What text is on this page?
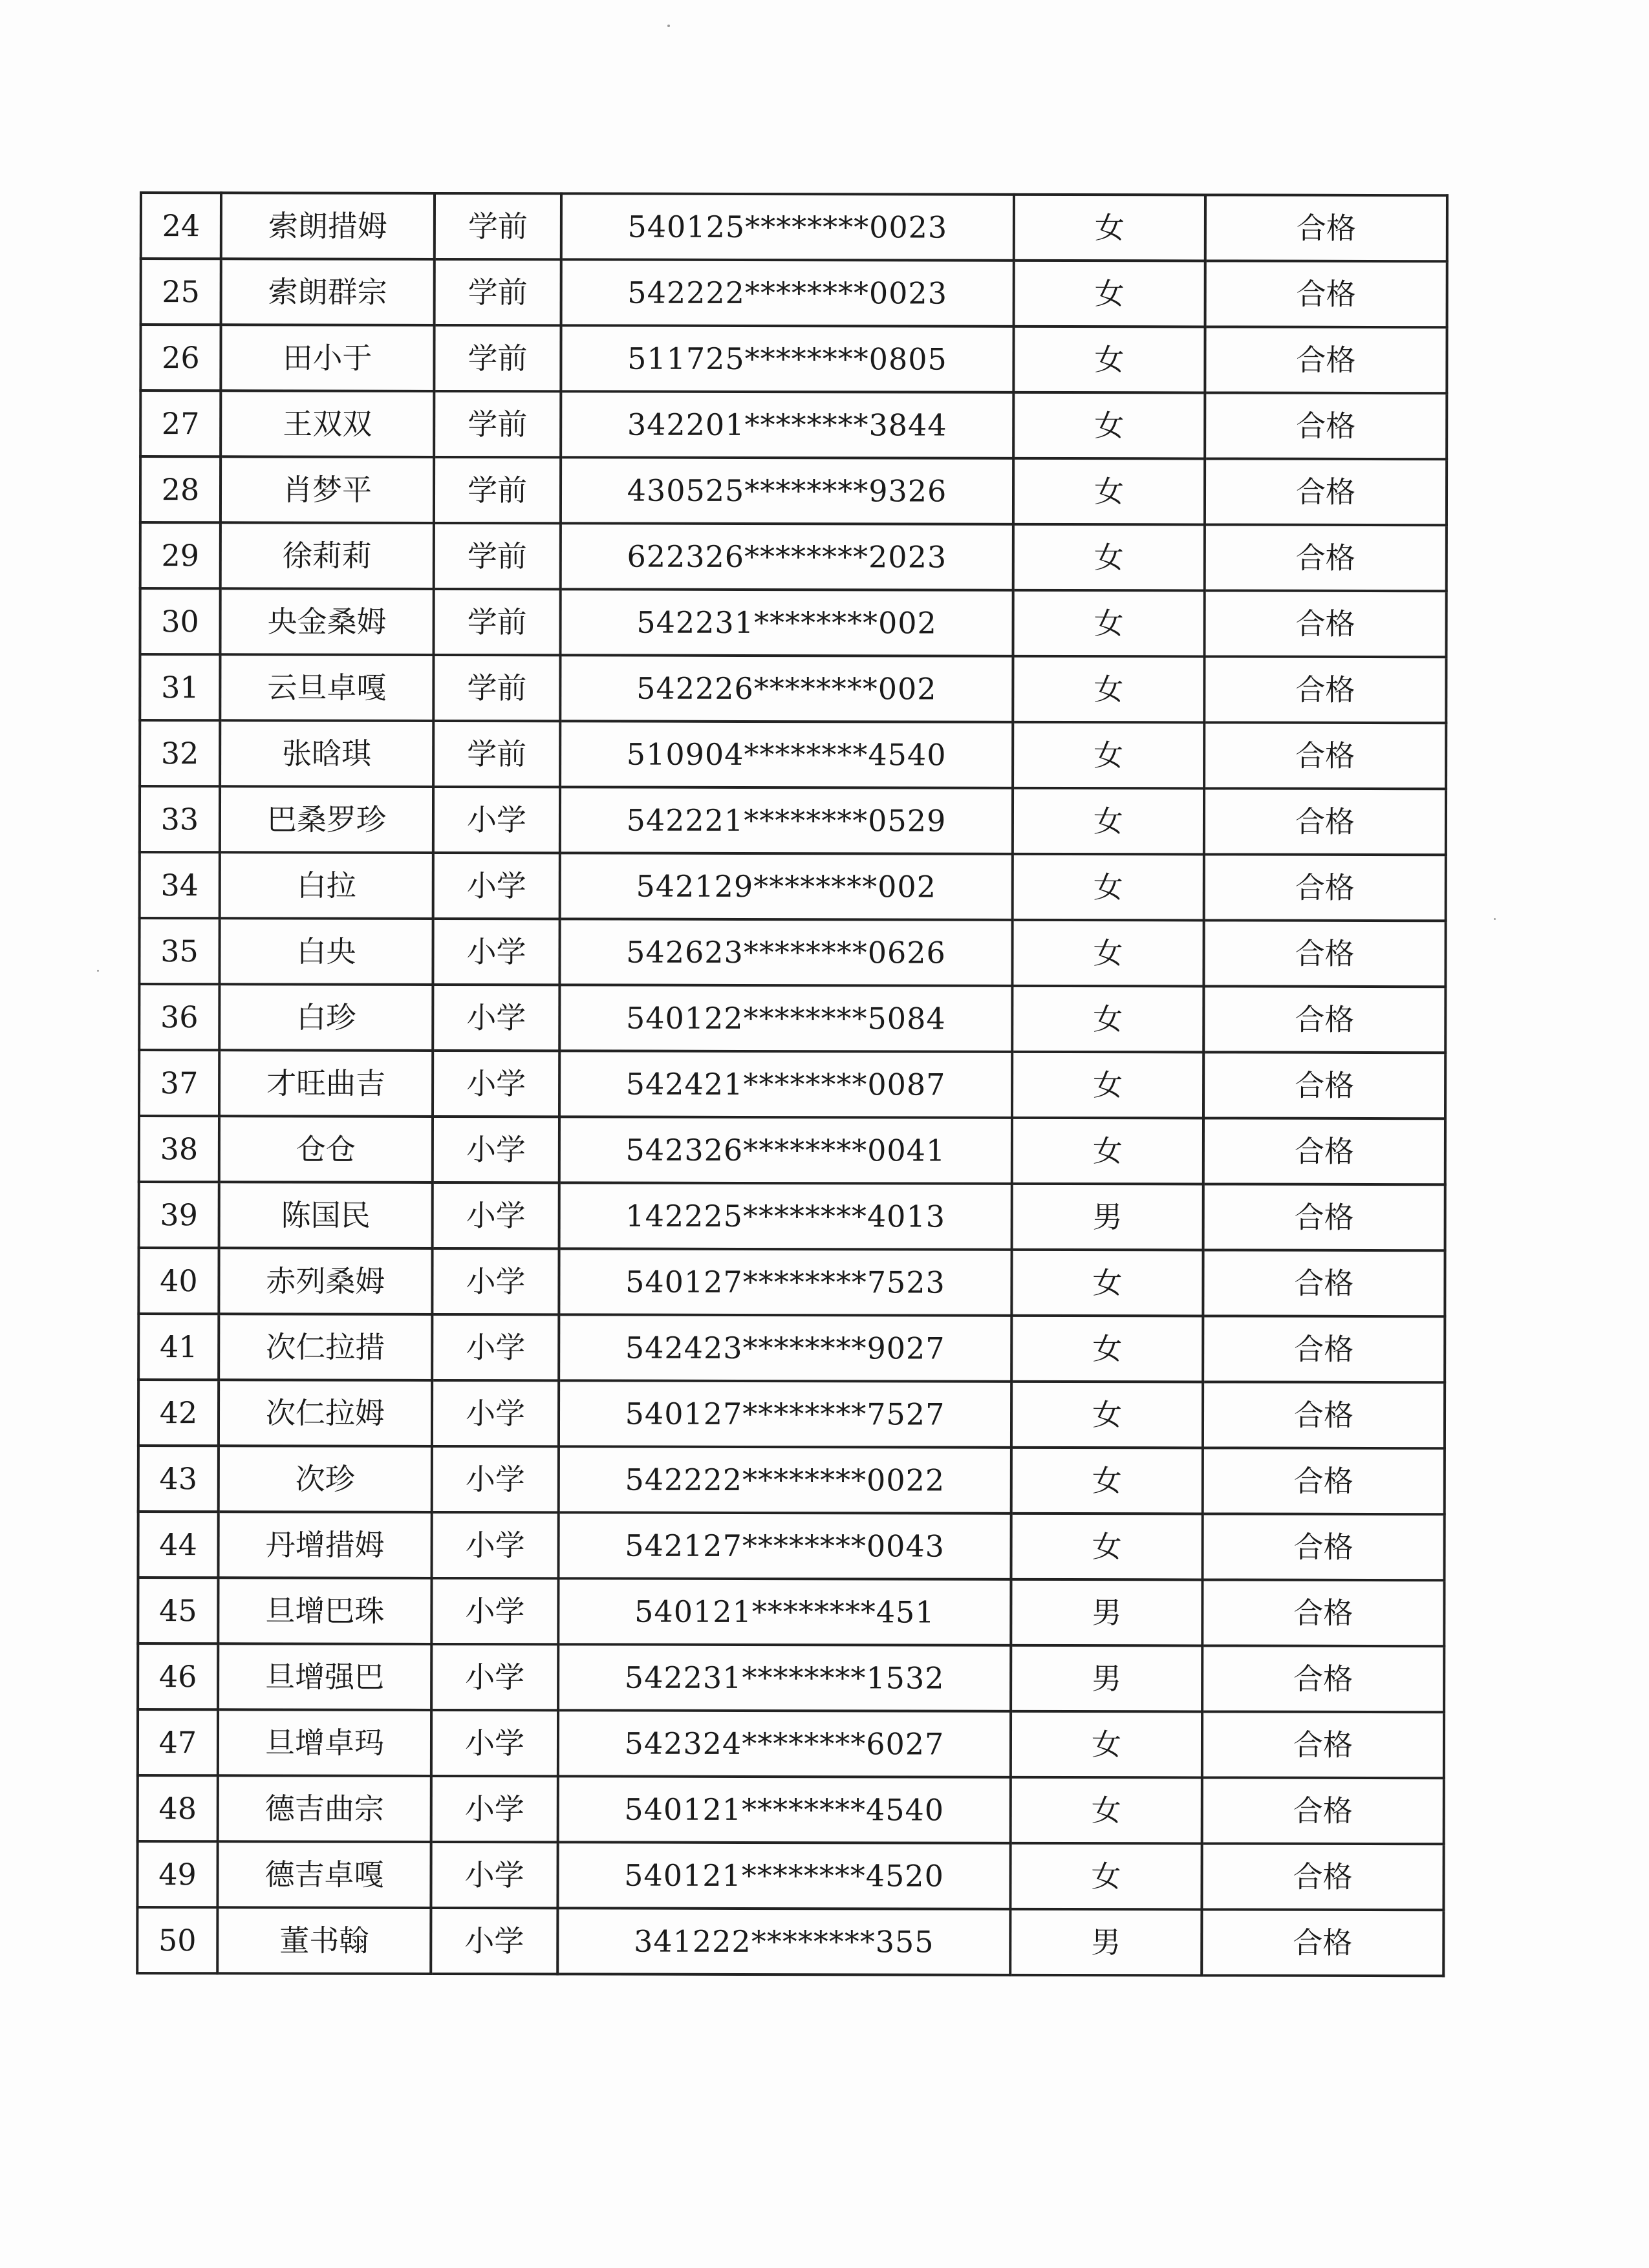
24	索朗措姆	学前	540125********0023	女	合格
25	索朗群宗	学前	542222********0023	女	合格
26	田小于	学前	511725********0805	女	合格
27	王双双	学前	342201********3844	女	合格
28	肖梦平	学前	430525********9326	女	合格
29	徐莉莉	学前	622326********2023	女	合格
30	央金桑姆	学前	542231********002	女	合格
31	云旦卓嘎	学前	542226********002	女	合格
32	张晗琪	学前	510904********4540	女	合格
33	巴桑罗珍	小学	542221********0529	女	合格
34	白拉	小学	542129********002	女	合格
35	白央	小学	542623********0626	女	合格
36	白珍	小学	540122********5084	女	合格
37	才旺曲吉	小学	542421********0087	女	合格
38	仓仓	小学	542326********0041	女	合格
39	陈国民	小学	142225********4013	男	合格
40	赤列桑姆	小学	540127********7523	女	合格
41	次仁拉措	小学	542423********9027	女	合格
42	次仁拉姆	小学	540127********7527	女	合格
43	次珍	小学	542222********0022	女	合格
44	丹增措姆	小学	542127********0043	女	合格
45	旦增巴珠	小学	540121********451	男	合格
46	旦增强巴	小学	542231********1532	男	合格
47	旦增卓玛	小学	542324********6027	女	合格
48	德吉曲宗	小学	540121********4540	女	合格
49	德吉卓嘎	小学	540121********4520	女	合格
50	董书翰	小学	341222********355	男	合格
